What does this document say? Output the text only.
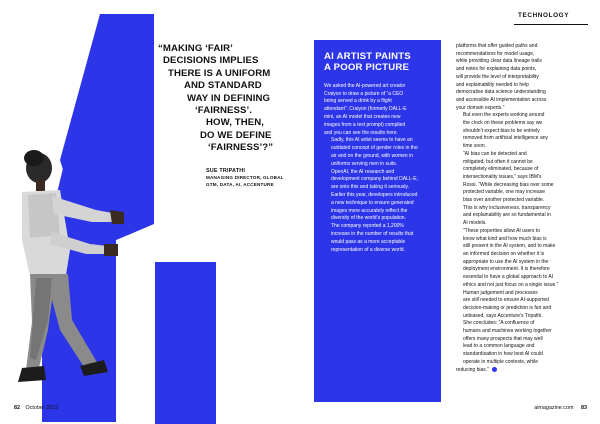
“MAKING ‘FAIR’
DECISIONS IMPLIES
THERE IS A UNIFORM
AND STANDARD
WAY IN DEFINING
‘FAIRNESS’.
HOW, THEN,
DO WE DEFINE
‘FAIRNESS’?”
SUE TRIPATHI
MANAGING DIRECTOR, GLOBAL
GTM, DATA, AI, ACCENTURE
82 October 2022
TECHNOLOGY
AI ARTIST PAINTS
A POOR PICTURE

We asked the AI-powered art creator
Craiyon to draw a picture of “a CEO
being served a drink by a flight
attendant”. Craiyon (formerly DALL-E
mini, an AI model that creates new
images from a text prompt) complied
and you can see the results here.

Sadly, this AI artist seems to have an
outdated concept of gender roles in the
air and on the ground, with women in
uniforms serving men in suits.

OpenAI, the AI research and
development company behind DALL-E,
are onto this and taking it seriously.
Earlier this year, developers introduced
a new technique to ensure generated
images more accurately reflect the
diversity of the world’s population.

The company reported a 1,200%
increase in the number of results that
would pass as a more acceptable
representation of a diverse world.

platforms that offer guided paths and
recommendations for model usage,
while providing clear data lineage trails
and notes for explaining data points,
will provide the level of interpretability
and explainability needed to help
democratise data science understanding
and accessible AI implementation across
your domain experts.”

But even the experts working around
the clock on these problems say we
shouldn’t expect bias to be entirely
removed from artificial intelligence any
time soon.

“AI bias can be detected and
mitigated, but often it cannot be
completely eliminated, because of
intersectionality issues,” says IBM’s
Rossi. “While decreasing bias over some
protected variable, one may increase
bias over another protected variable.
This is why inclusiveness, transparency
and explainability are so fundamental in
AI models.

“These properties allow AI users to
know what kind and how much bias is
still present in the AI system, and to make
an informed decision on whether it is
appropriate to use the AI system in the
deployment environment. It is therefore
essential to have a global approach to AI
ethics and not just focus on a single issue.”

Human judgement and processes
are still needed to ensure AI-supported
decision-making or prediction is fair and
unbiased, says Accenture’s Tripathi.

She concludes: “A confluence of
humans and machines working together
offers many prospects that may well
lead to a common language and
standardisation in how best AI could
operate in multiple contexts, while
reducing bias.”

aimagazine.com 83
